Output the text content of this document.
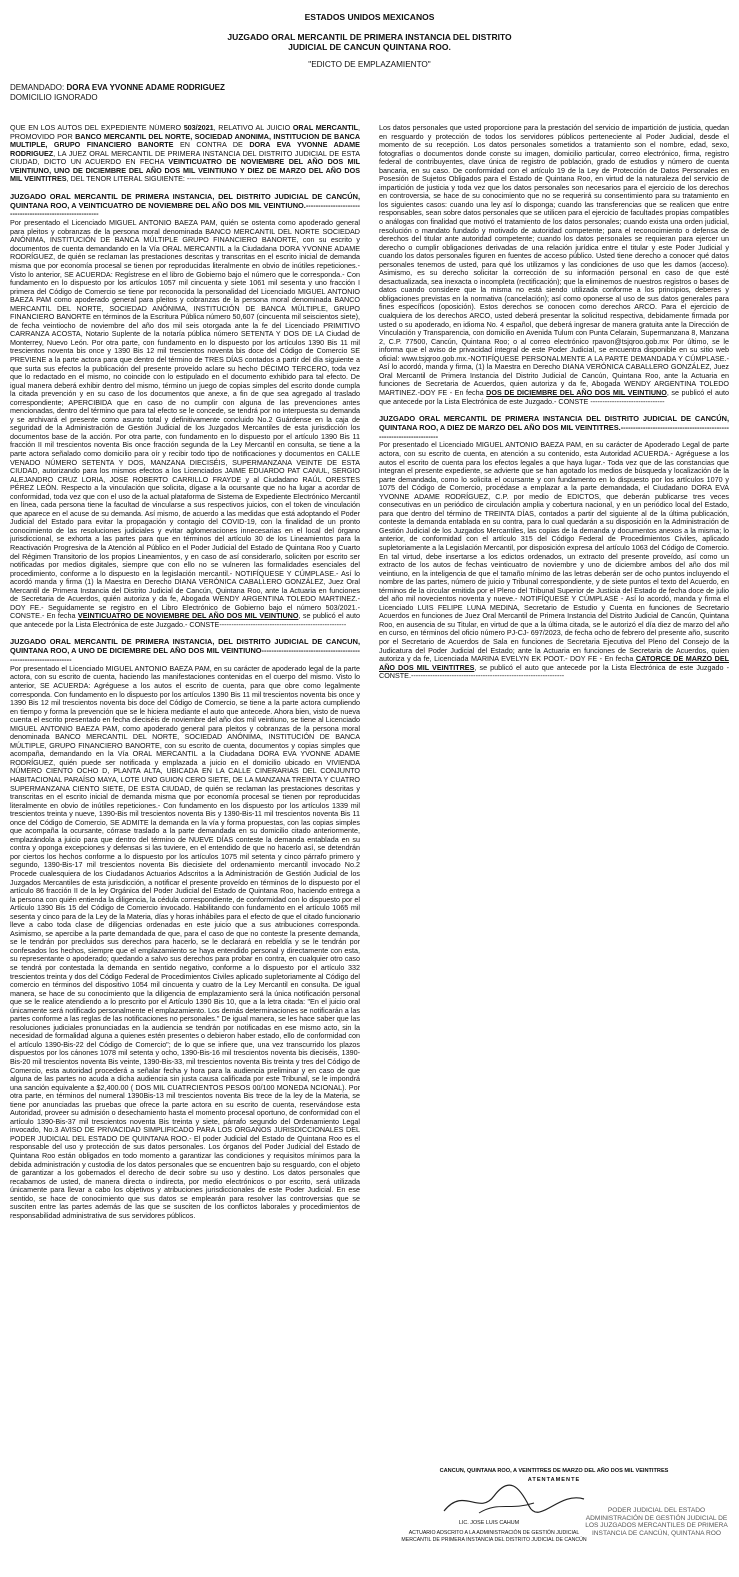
ESTADOS UNIDOS MEXICANOS
JUZGADO ORAL MERCANTIL DE PRIMERA INSTANCIA DEL DISTRITO
JUDICIAL DE CANCUN QUINTANA ROO.
"EDICTO DE EMPLAZAMIENTO"
DEMANDADO: DORA EVA YVONNE ADAME RODRIGUEZ
DOMICILIO IGNORADO

QUE EN LOS AUTOS DEL EXPEDIENTE NÚMERO 503/2021, RELATIVO AL JUICIO ORAL MERCANTIL, PROMOVIDO POR BANCO MERCANTIL DEL NORTE, SOCIEDAD ANONIMA, INSTITUCION DE BANCA MULTIPLE, GRUPO FINANCIERO BANORTE EN CONTRA DE DORA EVA YVONNE ADAME RODRIGUEZ, LA JUEZ ORAL MERCANTIL DE PRIMERA INSTANCIA DEL DISTRITO JUDICIAL DE ESTA CIUDAD, DICTO UN ACUERDO EN FECHA VEINTICUATRO DE NOVIEMBRE DEL AÑO DOS MIL VEINTIUNO, UNO DE DICIEMBRE DEL AÑO DOS MIL VEINTIUNO Y DIEZ DE MARZO DEL AÑO DOS MIL VEINTITRES, DEL TENOR LITERAL SIGUIENTE: ------------------------------------------------

JUZGADO ORAL MERCANTIL DE PRIMERA INSTANCIA, DEL DISTRITO JUDICIAL DE CANCÚN, QUINTANA ROO, A VEINTICUATRO DE NOVIEMBRE DEL AÑO DOS MIL VEINTIUNO.----------------------------------------------------------

Por presentado el Licenciado MIGUEL ANTONIO BAEZA PAM, quién se ostenta como apoderado general para pleitos y cobranzas de la persona moral denominada BANCO MERCANTIL DEL NORTE SOCIEDAD ANÓNIMA, INSTITUCIÓN DE BANCA MÚLTIPLE GRUPO FINANCIERO BANORTE, con su escrito y documentos de cuenta demandando en la Vía ORAL MERCANTIL a la Ciudadana DORA YVONNE ADAME RODRÍGUEZ, de quién se reclaman las prestaciones descritas y transcritas en el escrito inicial de demanda misma que por economía procesal se tienen por reproducidas literalmente en obvio de inútiles repeticiones.- Visto lo anterior, SE ACUERDA: Regístrese en el libro de Gobierno bajo el número que le corresponda.- Con fundamento en lo dispuesto por los artículos 1057 mil cincuenta y siete 1061 mil sesenta y uno fracción I primera del Código de Comercio se tiene por reconocida la personalidad del Licenciado MIGUEL ANTONIO BAEZA PAM como apoderado general para pleitos y cobranzas de la persona moral denominada BANCO MERCANTIL DEL NORTE, SOCIEDAD ANÓNIMA, INSTITUCIÓN DE BANCA MÚLTIPLE, GRUPO FINANCIERO BANORTE en términos de la Escritura Pública número 50,607 (cincuenta mil seiscientos siete), de fecha veintiocho de noviembre del año dos mil seis otorgada ante la fe del Licenciado PRIMITIVO CARRANZA ACOSTA, Notario Suplente de la notaría pública número SETENTA Y DOS DE LA Ciudad de Monterrey, Nuevo León. Por otra parte, con fundamento en lo dispuesto por los artículos 1390 Bis 11 mil trescientos noventa bis once y 1390 Bis 12 mil trescientos noventa bis doce del Código de Comercio SE PREVIENE a la parte actora para que dentro del término de TRES DÍAS contados a partir del día siguiente a que surta sus efectos la publicación del presente proveído aclare su hecho DÉCIMO TERCERO, toda vez que lo redactado en el mismo, no coincide con lo estipulado en el documento exhibido para tal efecto. De igual manera deberá exhibir dentro del mismo, término un juego de copias simples del escrito donde cumpla la citada prevención y en su caso de los documentos que anexe, a fin de que sea agregado al traslado correspondiente; APERCIBIDA que en caso de no cumplir con alguna de las prevenciones antes mencionadas, dentro del término que para tal efecto se le concede, se tendrá por no interpuesta su demanda y se archivará el presente como asunto total y definitivamente concluido No.2 Guárdense en la caja de seguridad de la Administración de Gestión Judicial de los Juzgados Mercantiles de esta jurisdicción los documentos base de la acción. Por otra parte, con fundamento en lo dispuesto por el artículo 1390 Bis 11 fracción II mil trescientos noventa Bis once fracción segunda de la Ley Mercantil en consulta, se tiene a la parte actora señalado como domicilio para oír y recibir todo tipo de notificaciones y documentos en CALLE VENADO NÚMERO SETENTA Y DOS, MANZANA DIECISÉIS, SUPERMANZANA VEINTE DE ESTA CIUDAD, autorizando para los mismos efectos a los Licenciados JAIME EDUARDO PAT CANUL, SERGIO ALEJANDRO CRUZ LORIA, JOSE ROBERTO CARRILLO FRAYDE y al Ciudadano RAÚL ORESTES PÉREZ LEÓN. Respecto a la vinculación que solicita, dígase a la ocursante que no ha lugar a acordar de conformidad, toda vez que con el uso de la actual plataforma de Sistema de Expediente Electrónico Mercantil en línea, cada persona tiene la facultad de vincularse a sus respectivos juicios, con el token de vinculación que aparece en el acuse de su demanda. Así mismo, de acuerdo a las medidas que está adoptando el Poder Judicial del Estado para evitar la propagación y contagio del COVID-19, con la finalidad de un pronto conocimiento de las resoluciones judiciales y evitar aglomeraciones innecesarias en el local del órgano jurisdiccional, se exhorta a las partes para que en términos del artículo 30 de los Lineamientos para la Reactivación Progresiva de la Atención al Público en el Poder Judicial del Estado de Quintana Roo y Cuarto del Régimen Transitorio de los propios Lineamientos, y en caso de así considerarlo, soliciten por escrito ser notificadas por medios digitales, siempre que con ello no se vulneren las formalidades esenciales del procedimiento, conforme a lo dispuesto en la legislación mercantil.- NOTIFÍQUESE Y CÚMPLASE.- Así lo acordó manda y firma (1) la Maestra en Derecho DIANA VERÓNICA CABALLERO GONZÁLEZ, Juez Oral Mercantil de Primera Instancia del Distrito Judicial de Cancún, Quintana Roo, ante la Actuaria en funciones de Secretaria de Acuerdos, quién autoriza y da fe, Abogada WENDY ARGENTINA TOLEDO MARTINEZ.- DOY FE.- Seguidamente se registro en el Libro Electrónico de Gobierno bajo el número 503/2021.- CONSTE.- En fecha VEINTICUATRO DE NOVIEMBRE DEL AÑO DOS MIL VEINTIUNO, se publicó el auto que antecede por la Lista Electrónica de este Juzgado.- CONSTE-----------------------------------------------------

JUZGADO ORAL MERCANTIL DE PRIMERA INSTANCIA, DEL DISTRITO JUDICIAL DE CANCUN, QUINTANA ROO, A UNO DE DICIEMBRE DEL AÑO DOS MIL VEINTIUNO-----------------------------------------------------------------

Por presentado el Licenciado MIGUEL ANTONIO BAEZA PAM, en su carácter de apoderado legal de la parte actora, con su escrito de cuenta, haciendo las manifestaciones contenidas en el cuerpo del mismo. Visto lo anterior, SE ACUERDA: Agréguese a los autos el escrito de cuenta, para que obre como legalmente corresponda. Con fundamento en lo dispuesto por los artículos 1390 Bis 11 mil trescientos noventa bis once y 1390 Bis 12 mil trescientos noventa bis doce del Código de Comercio, se tiene a la parte actora cumpliendo en tiempo y forma la prevención que se le hiciera mediante el auto que antecede. Ahora bien, visto de nueva cuenta el escrito presentado en fecha dieciséis de noviembre del año dos mil veintiuno, se tiene al Licenciado MIGUEL ANTONIO BAEZA PAM, como apoderado general para pleitos y cobranzas de la persona moral denominada BANCO MERCANTIL DEL NORTE, SOCIEDAD ANÓNIMA, INSTITUCIÓN DE BANCA MÚLTIPLE, GRUPO FINANCIERO BANORTE, con su escrito de cuenta, documentos y copias simples que acompaña, demandando en la Vía ORAL MERCANTIL a la Ciudadana DORA EVA YVONNE ADAME RODRÍGUEZ, quién puede ser notificada y emplazada a juicio en el domicilio ubicado en VIVIENDA NÚMERO CIENTO OCHO D, PLANTA ALTA, UBICADA EN LA CALLE CINERARIAS DEL CONJUNTO HABITACIONAL PARAÍSO MAYA, LOTE UNO GUION CERO SIETE, DE LA MANZANA TREINTA Y CUATRO SUPERMANZANA CIENTO SIETE, DE ESTA CIUDAD, de quién se reclaman las prestaciones descritas y transcritas en el escrito inicial de demanda misma que por economía procesal se tienen por reproducidas literalmente en obvio de inútiles repeticiones.- Con fundamento en los dispuesto por los artículos 1339 mil trescientos treinta y nueve, 1390-Bis mil trescientos noventa Bis y 1390-Bis-11 mil trescientos noventa Bis 11 once del Código de Comercio, SE ADMITE la demanda en la vía y forma propuestas, con las copias simples que acompaña la ocursante, córrase traslado a la parte demandada en su domicilio citado anteriormente, emplazándola a juicio para que dentro del término de NUEVE DÍAS conteste la demanda entablada en su contra y oponga excepciones y defensas si las tuviere, en el entendido de que no hacerlo así, se detendrán por ciertos los hechos conforme a lo dispuesto por los artículos 1075 mil setenta y cinco párrafo primero y segundo, 1390-Bis-17 mil trescientos noventa Bis diecisiete del ordenamiento mercantil invocado No.2 Procede cualesquiera de los Ciudadanos Actuarios Adscritos a la Administración de Gestión Judicial de los Juzgados Mercantiles de esta jurisdicción, a notificar el presente proveído en términos de lo dispuesto por el artículo 86 fracción II de la ley Orgánica del Poder Judicial del Estado de Quintana Roo, haciendo entrega a la persona con quién entienda la diligencia, la cédula correspondiente, de conformidad con lo dispuesto por el Artículo 1390 Bis 15 del Código de Comercio invocado. Habilitando con fundamento en el artículo 1065 mil sesenta y cinco para de la Ley de la Materia, días y horas inhábiles para el efecto de que el citado funcionario lleve a cabo toda clase de diligencias ordenadas en este juicio que a sus atribuciones corresponda. Asimismo, se apercibe a la parte demandada de que, para el caso de que no conteste la presente demanda, se le tendrán por precluidos sus derechos para hacerlo, se le declarará en rebeldía y se le tendrán por confesados los hechos, siempre que el emplazamiento se haya entendido personal y directamente con esta, su representante o apoderado; quedando a salvo sus derechos para probar en contra, en cualquier otro caso se tendrá por contestada la demanda en sentido negativo, conforme a lo dispuesto por el artículo 332 trescientos treinta y dos del Código Federal de Procedimientos Civiles aplicado supletoriamente al Código del comercio en términos del dispositivo 1054 mil cincuenta y cuatro de la Ley Mercantil en consulta. De igual manera, se hace de su conocimiento que la diligencia de emplazamiento será la única notificación personal que se le realice atendiendo a lo prescrito por el Artículo 1390 Bis 10, que a la letra citada: "En el juicio oral únicamente será notificado personalmente el emplazamiento. Los demás determinaciones se notificarán a las partes conforme a las reglas de las notificaciones no personales." De igual manera, se les hace saber que las resoluciones judiciales pronunciadas en la audiencia se tendrán por notificadas en ese mismo acto, sin la necesidad de formalidad alguna a quienes estén presentes o debieron haber estado, ello de conformidad con el artículo 1390-Bis-22 del Código de Comercio"; de lo que se infiere que, una vez transcurrido los plazos dispuestos por los cánones 1078 mil setenta y ocho, 1390-Bis-16 mil trescientos noventa bis dieciséis, 1390-Bis-20 mil trescientos noventa Bis veinte, 1390-Bis-33, mil trescientos noventa Bis treinta y tres del Código de Comercio, esta autoridad procederá a señalar fecha y hora para la audiencia preliminar y en caso de que alguna de las partes no acuda a dicha audiencia sin justa causa calificada por este Tribunal, se le impondrá una sanción equivalente a $2,400.00 ( DOS MIL CUATRCIENTOS PESOS 00/100 MONEDA NCIONAL). Por otra parte, en términos del numeral 1390Bis-13 mil trescientos noventa Bis trece de la ley de la Materia, se tiene por anunciadas las pruebas que ofrece la parte actora en su escrito de cuenta, reservándose esta Autoridad, proveer su admisión o desechamiento hasta el momento procesal oportuno, de conformidad con el artículo 1390-Bis-37 mil trescientos noventa Bis treinta y siete, párrafo segundo del Ordenamiento Legal invocado, No.3 AVISO DE PRIVACIDAD SIMPLIFICADO PARA LOS ORGANOS JURISDICCIONALES DEL PODER JUDICIAL DEL ESTADO DE QUINTANA ROO.- El poder Judicial del Estado de Quintana Roo es el responsable del uso y protección de sus datos personales. Los órganos del Poder Judicial del Estado de Quintana Roo están obligados en todo momento a garantizar las condiciones y requisitos mínimos para la debida administración y custodia de los datos personales que se encuentren bajo su resguardo, con el objeto de garantizar a los gobernados el derecho de decir sobre su uso y destino. Los datos personales que recabamos de usted, de manera directa o indirecta, por medio electrónicos o por escrito, será utilizada únicamente para llevar a cabo los objetivos y atribuciones jurisdiccionales de este Poder Judicial. En ese sentido, se hace de conocimiento que sus datos se emplearán para resolver las controversias que se susciten entre las partes además de las que se susciten de los conflictos laborales y procedimientos de responsabilidad administrativa de sus servidores públicos.

Los datos personales que usted proporcione para la prestación del servicio de impartición de justicia, quedan en resguardo y protección de todos los servidores públicos perteneciente al Poder Judicial, desde el momento de su recepción. Los datos personales sometidos a tratamiento son el nombre, edad, sexo, fotografías o documentos donde conste su imagen, domicilio particular, correo electrónico, firma, registro federal de contribuyentes, clave única de registro de población, grado de estudios y número de cuenta bancaria, en su caso. De conformidad con el artículo 19 de la Ley de Protección de Datos Personales en Posesión de Sujetos Obligados para el Estado de Quintana Roo, en virtud de la naturaleza del servicio de impartición de justicia y toda vez que los datos personales son necesarios para el ejercicio de los derechos en controversia, se hace de su conocimiento que no se requerirá su consentimiento para su tratamiento en los siguientes casos: cuando una ley así lo disponga; cuando las transferencias que se realicen que entre responsables, sean sobre datos personales que se utilicen para el ejercicio de facultades propias compatibles o análogas con finalidad que motivó el tratamiento de los datos personales; cuando exista una orden judicial, resolución o mandato fundado y motivado de autoridad competente; para el reconocimiento o defensa de derechos del titular ante autoridad competente; cuando los datos personales se requieran para ejercer un derecho o cumplir obligaciones derivadas de una relación jurídica entre el titular y este Poder Judicial y cuando los datos personales figuren en fuentes de acceso público. Usted tiene derecho a conocer qué datos personales tenemos de usted, para qué los utilizamos y las condiciones de uso que les damos (acceso). Asimismo, es su derecho solicitar la corrección de su información personal en caso de que esté desactualizada, sea inexacta o incompleta (rectificación); que la eliminemos de nuestros registros o bases de datos cuando considere que la misma no está siendo utilizada conforme a los principios, deberes y obligaciones previstas en la normativa (cancelación); así como oponerse al uso de sus datos generales para fines específicos (oposición). Estos derechos se conocen como derechos ARCO. Para el ejercicio de cualquiera de los derechos ARCO, usted deberá presentar la solicitud respectiva, debidamente firmada por usted o su apoderado, en idioma No. 4 español, que deberá ingresar de manera gratuita ante la Dirección de Vinculación y Transparencia, con domicilio en Avenida Tulum con Punta Celarain, Supermanzana 8, Manzana 2, C.P. 77500, Cancún, Quintana Roo; o al correo electrónico rpavon@tsjqroo.gob.mx Por último, se le informa que el aviso de privacidad integral de este Poder Judicial, se encuentra disponible en su sitio web oficial: www.tsjqroo.gob.mx.-NOTIFÍQUESE PERSONALMENTE A LA PARTE DEMANDADA Y CÚMPLASE.- Así lo acordó, manda y firma, (1) la Maestra en Derecho DIANA VERÓNICA CABALLERO GONZÁLEZ, Juez Oral Mercantil de Primera Instancia del Distrito Judicial de Cancún, Quintana Roo, ante la Actuaria en funciones de Secretaria de Acuerdos, quien autoriza y da fe, Abogada WENDY ARGENTINA TOLEDO MARTINEZ.-DOY FE - En fecha DOS DE DICIEMBRE DEL AÑO DOS MIL VEINTIUNO, se publicó el auto que antecede por la Lista Electrónica de este Juzgado.- CONSTE -------------------------------

JUZGADO ORAL MERCANTIL DE PRIMERA INSTANCIA DEL DISTRITO JUDICIAL DE CANCÚN, QUINTANA ROO, A DIEZ DE MARZO DEL AÑO DOS MIL VEINTITRES.--------------------------------------------------------------------

Por presentado el Licenciado MIGUEL ANTONIO BAEZA PAM, en su carácter de Apoderado Legal de parte actora, con su escrito de cuenta, en atención a su contenido, esta Autoridad ACUERDA.- Agréguese a los autos el escrito de cuenta para los efectos legales a que haya lugar.- Toda vez que de las constancias que integran el presente expediente, se advierte que se han agotado los medios de búsqueda y localización de la parte demandada, como lo solicita el ocursante y con fundamento en lo dispuesto por los artículos 1070 y 1075 del Código de Comercio, procédase a emplazar a la parte demandada, el Ciudadano DORA EVA YVONNE ADAME RODRÍGUEZ, C.P. por medio de EDICTOS, que deberán publicarse tres veces consecutivas en un periódico de circulación amplia y cobertura nacional, y en un periódico local del Estado, para que dentro del término de TREINTA DÍAS, contados a partir del siguiente al de la última publicación, conteste la demanda entablada en su contra, para lo cual quedarán a su disposición en la Administración de Gestión Judicial de los Juzgados Mercantiles, las copias de la demanda y documentos anexos a la misma; lo anterior, de conformidad con el artículo 315 del Código Federal de Procedimientos Civiles, aplicado supletoriamente a la Legislación Mercantil, por disposición expresa del artículo 1063 del Código de Comercio. En tal virtud, debe insertarse a los edictos ordenados, un extracto del presente proveído, así como un extracto de los autos de fechas veinticuatro de noviembre y uno de diciembre ambos del año dos mil veintiuno, en la inteligencia de que el tamaño mínimo de las letras deberán ser de ocho puntos incluyendo el nombre de las partes, número de juicio y Tribunal correspondiente, y de siete puntos el texto del Acuerdo, en términos de la circular emitida por el Pleno del Tribunal Superior de Justicia del Estado de fecha doce de julio del año mil novecientos noventa y nueve.- NOTIFÍQUESE Y CÚMPLASE - Así lo acordó, manda y firma el Licenciado LUIS FELIPE LUNA MEDINA, Secretario de Estudio y Cuenta en funciones de Secretario Acuerdos en funciones de Juez Oral Mercantil de Primera Instancia del Distrito Judicial de Cancún, Quintana Roo, en ausencia de su Titular, en virtud de que a la última citada, se le autorizó el día diez de marzo del año en curso, en términos del oficio número PJ-CJ- 697/2023, de fecha ocho de febrero del presente año, suscrito por el Secretario de Acuerdos de Sala en funciones de Secretaria Ejecutiva del Pleno del Consejo de la Judicatura del Poder Judicial del Estado; ante la Actuaria en funciones de Secretaria de Acuerdos, quien autoriza y da fe, Licenciada MARINA EVELYN EK POOT.- DOY FE - En fecha CATORCE DE MARZO DEL AÑO DOS MIL VEINTITRES, se publicó el auto que antecede por la Lista Electrónica de este Juzgado - CONSTE.----------------------------------------------------------------

CANCUN, QUINTANA ROO, A VEINTITRES DE MARZO DEL AÑO DOS MIL VEINTITRES
ATENTAMENTE
LIC. JOSE LUIS CAHUM
ACTUARIO ADSCRITO A LA ADMINISTRACIÓN DE GESTIÓN JUDICIAL
MERCANTIL DE PRIMERA INSTANCIA DEL DISTRITO JUDICIAL DE CANCÚN
PODER JUDICIAL DEL ESTADO
ADMINISTRACIÓN DE GESTIÓN JUDICIAL DE
LOS JUZGADOS MERCANTILES DE PRIMERA
INSTANCIA DE CANCÚN, QUINTANA ROO
